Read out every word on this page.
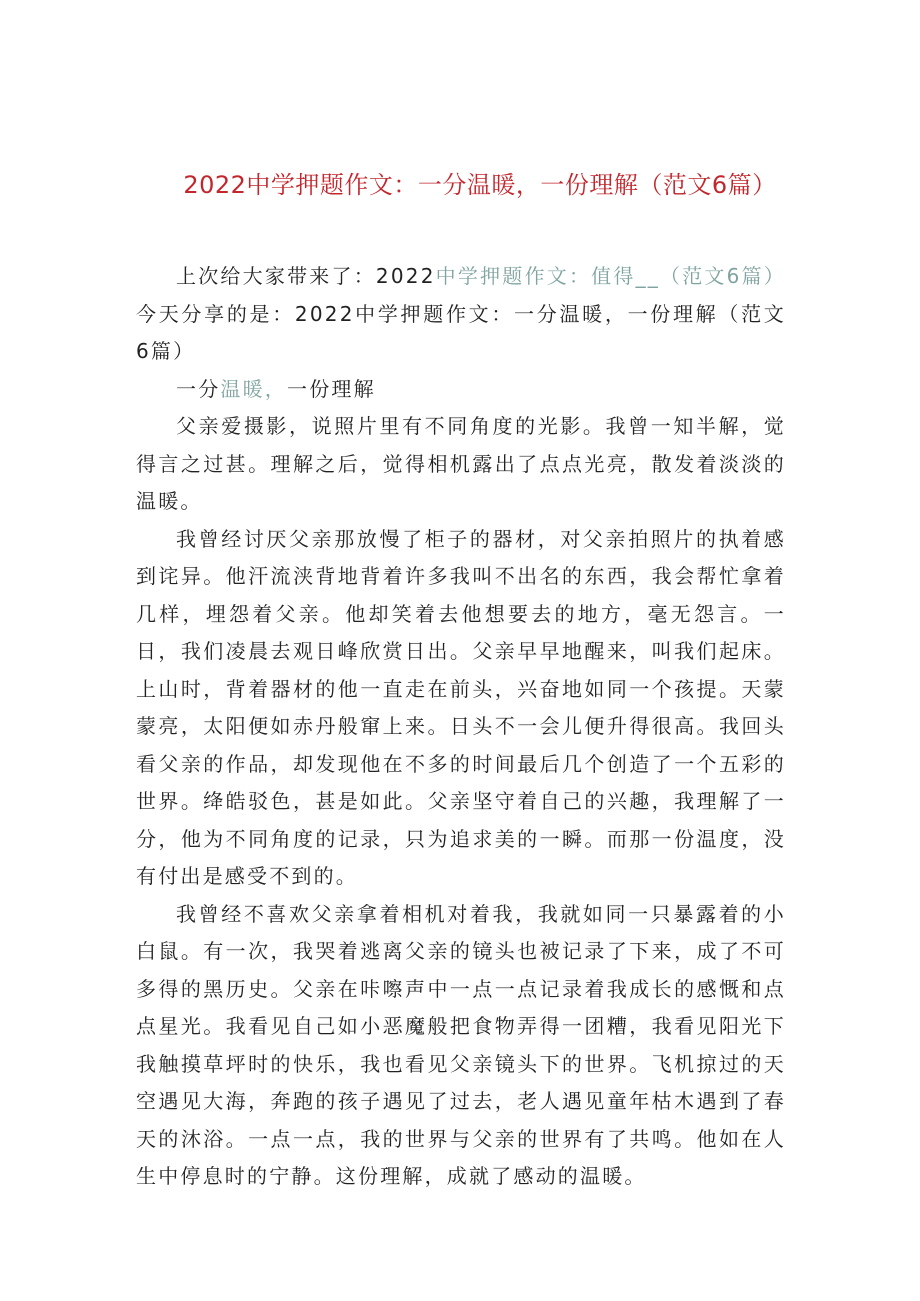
2022中学押题作文：一分温暖，一份理解（范文6篇）

上次给大家带来了：2022中学押题作文：值得__（范文6篇）今天分享的是：2022中学押题作文：一分温暖，一份理解（范文6篇）

一分温暖，一份理解

父亲爱摄影，说照片里有不同角度的光影。我曾一知半解，觉得言之过甚。理解之后，觉得相机露出了点点光亮，散发着淡淡的温暖。

我曾经讨厌父亲那放慢了柜子的器材，对父亲拍照片的执着感到诧异。他汗流浃背地背着许多我叫不出名的东西，我会帮忙拿着几样，埋怨着父亲。他却笑着去他想要去的地方，毫无怨言。一日，我们凌晨去观日峰欣赏日出。父亲早早地醒来，叫我们起床。上山时，背着器材的他一直走在前头，兴奋地如同一个孩提。天蒙蒙亮，太阳便如赤丹般窜上来。日头不一会儿便升得很高。我回头看父亲的作品，却发现他在不多的时间最后几个创造了一个五彩的世界。绛皓驳色，甚是如此。父亲坚守着自己的兴趣，我理解了一分，他为不同角度的记录，只为追求美的一瞬。而那一份温度，没有付出是感受不到的。

我曾经不喜欢父亲拿着相机对着我，我就如同一只暴露着的小白鼠。有一次，我哭着逃离父亲的镜头也被记录了下来，成了不可多得的黑历史。父亲在咔嚓声中一点一点记录着我成长的感慨和点点星光。我看见自己如小恶魔般把食物弄得一团糟，我看见阳光下我触摸草坪时的快乐，我也看见父亲镜头下的世界。飞机掠过的天空遇见大海，奔跑的孩子遇见了过去，老人遇见童年枯木遇到了春天的沐浴。一点一点，我的世界与父亲的世界有了共鸣。他如在人生中停息时的宁静。这份理解，成就了感动的温暖。
